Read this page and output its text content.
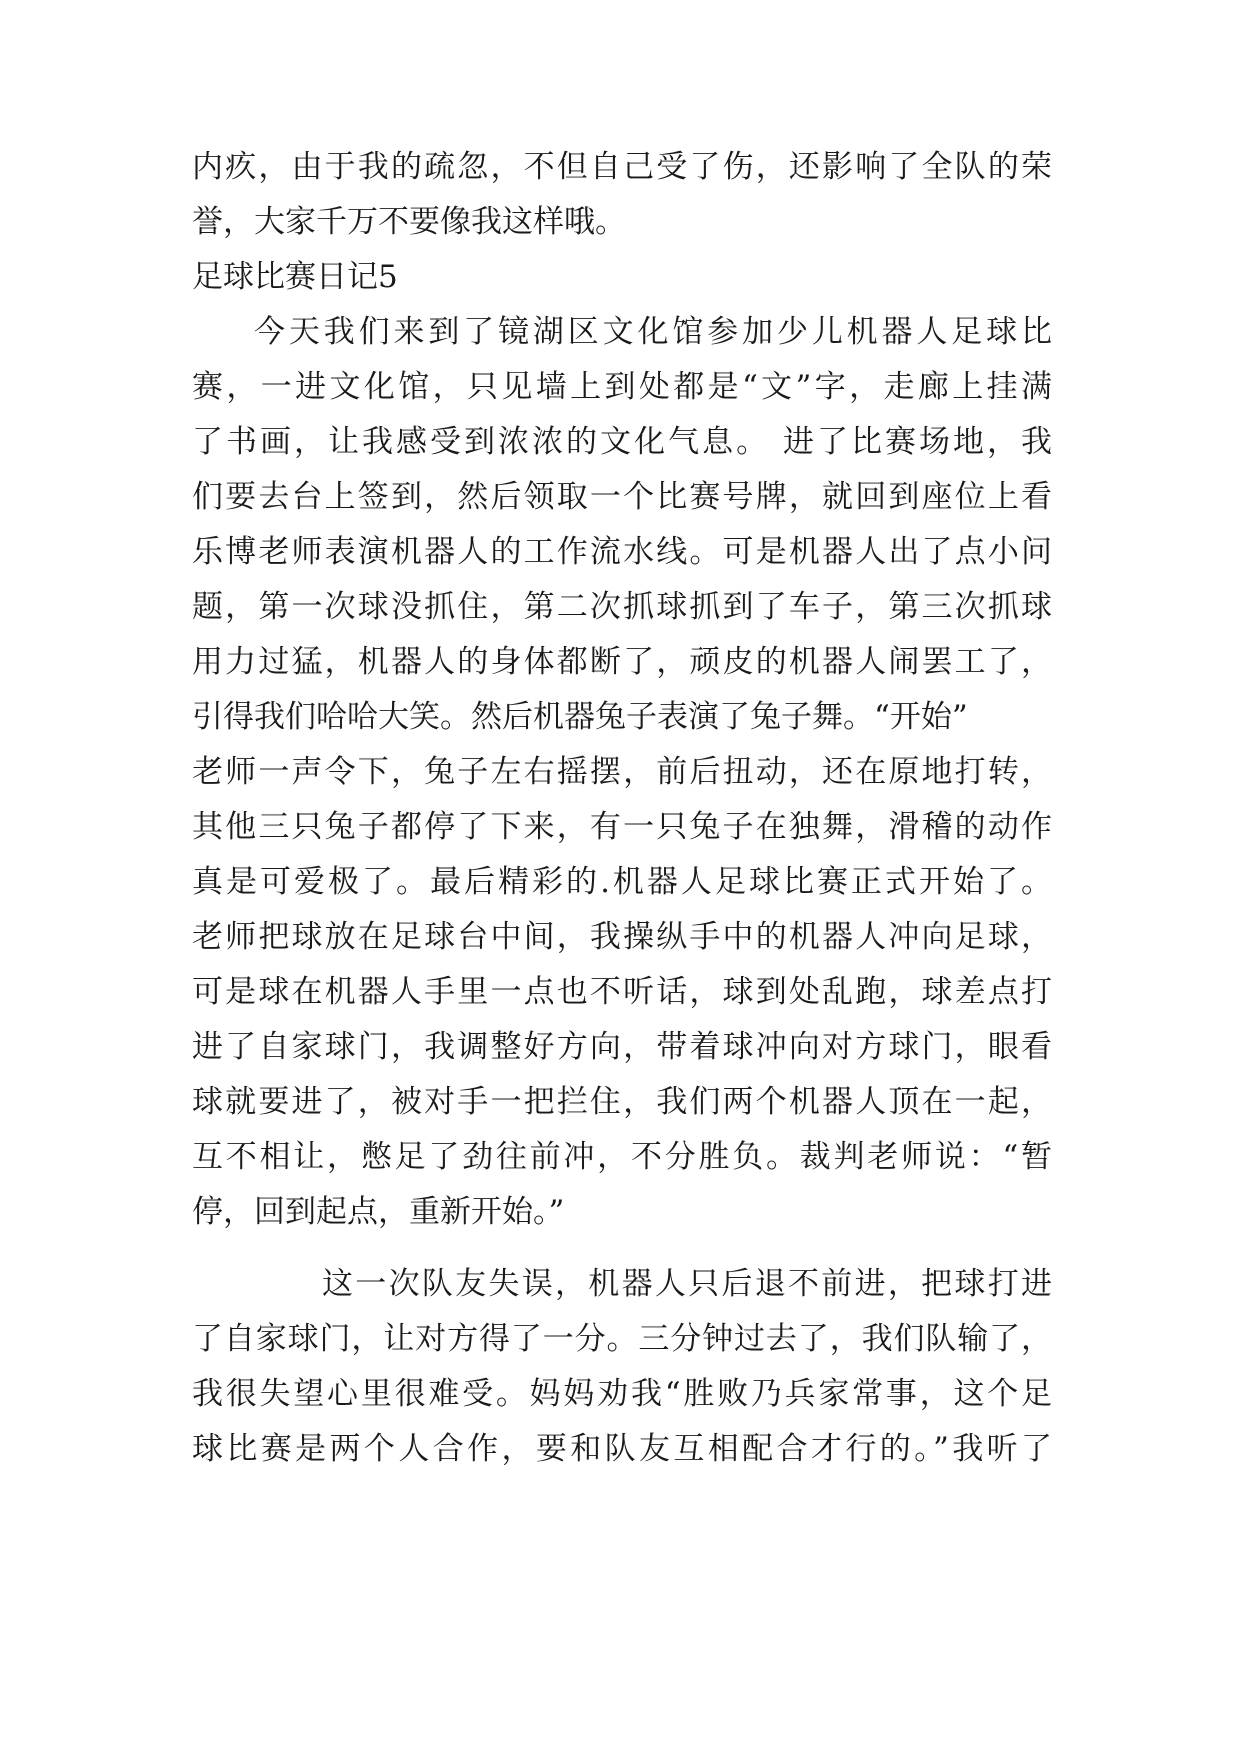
内疚，由于我的疏忽，不但自己受了伤，还影响了全队的荣
誉，大家千万不要像我这样哦。
足球比赛日记5
今天我们来到了镜湖区文化馆参加少儿机器人足球比
赛，一进文化馆，只见墙上到处都是“文”字，走廊上挂满
了书画，让我感受到浓浓的文化气息。 进了比赛场地，我
们要去台上签到，然后领取一个比赛号牌，就回到座位上看
乐博老师表演机器人的工作流水线。可是机器人出了点小问
题，第一次球没抓住，第二次抓球抓到了车子，第三次抓球
用力过猛，机器人的身体都断了，顽皮的机器人闹罢工了，
引得我们哈哈大笑。然后机器兔子表演了兔子舞。“开始”
老师一声令下，兔子左右摇摆，前后扭动，还在原地打转，
其他三只兔子都停了下来，有一只兔子在独舞，滑稽的动作
真是可爱极了。最后精彩的.机器人足球比赛正式开始了。
老师把球放在足球台中间，我操纵手中的机器人冲向足球，
可是球在机器人手里一点也不听话，球到处乱跑，球差点打
进了自家球门，我调整好方向，带着球冲向对方球门，眼看
球就要进了，被对手一把拦住，我们两个机器人顶在一起，
互不相让，憋足了劲往前冲，不分胜负。裁判老师说：“暂
停，回到起点，重新开始。”
这一次队友失误，机器人只后退不前进，把球打进
了自家球门，让对方得了一分。三分钟过去了，我们队输了，
我很失望心里很难受。妈妈劝我“胜败乃兵家常事，这个足
球比赛是两个人合作，要和队友互相配合才行的。”我听了
